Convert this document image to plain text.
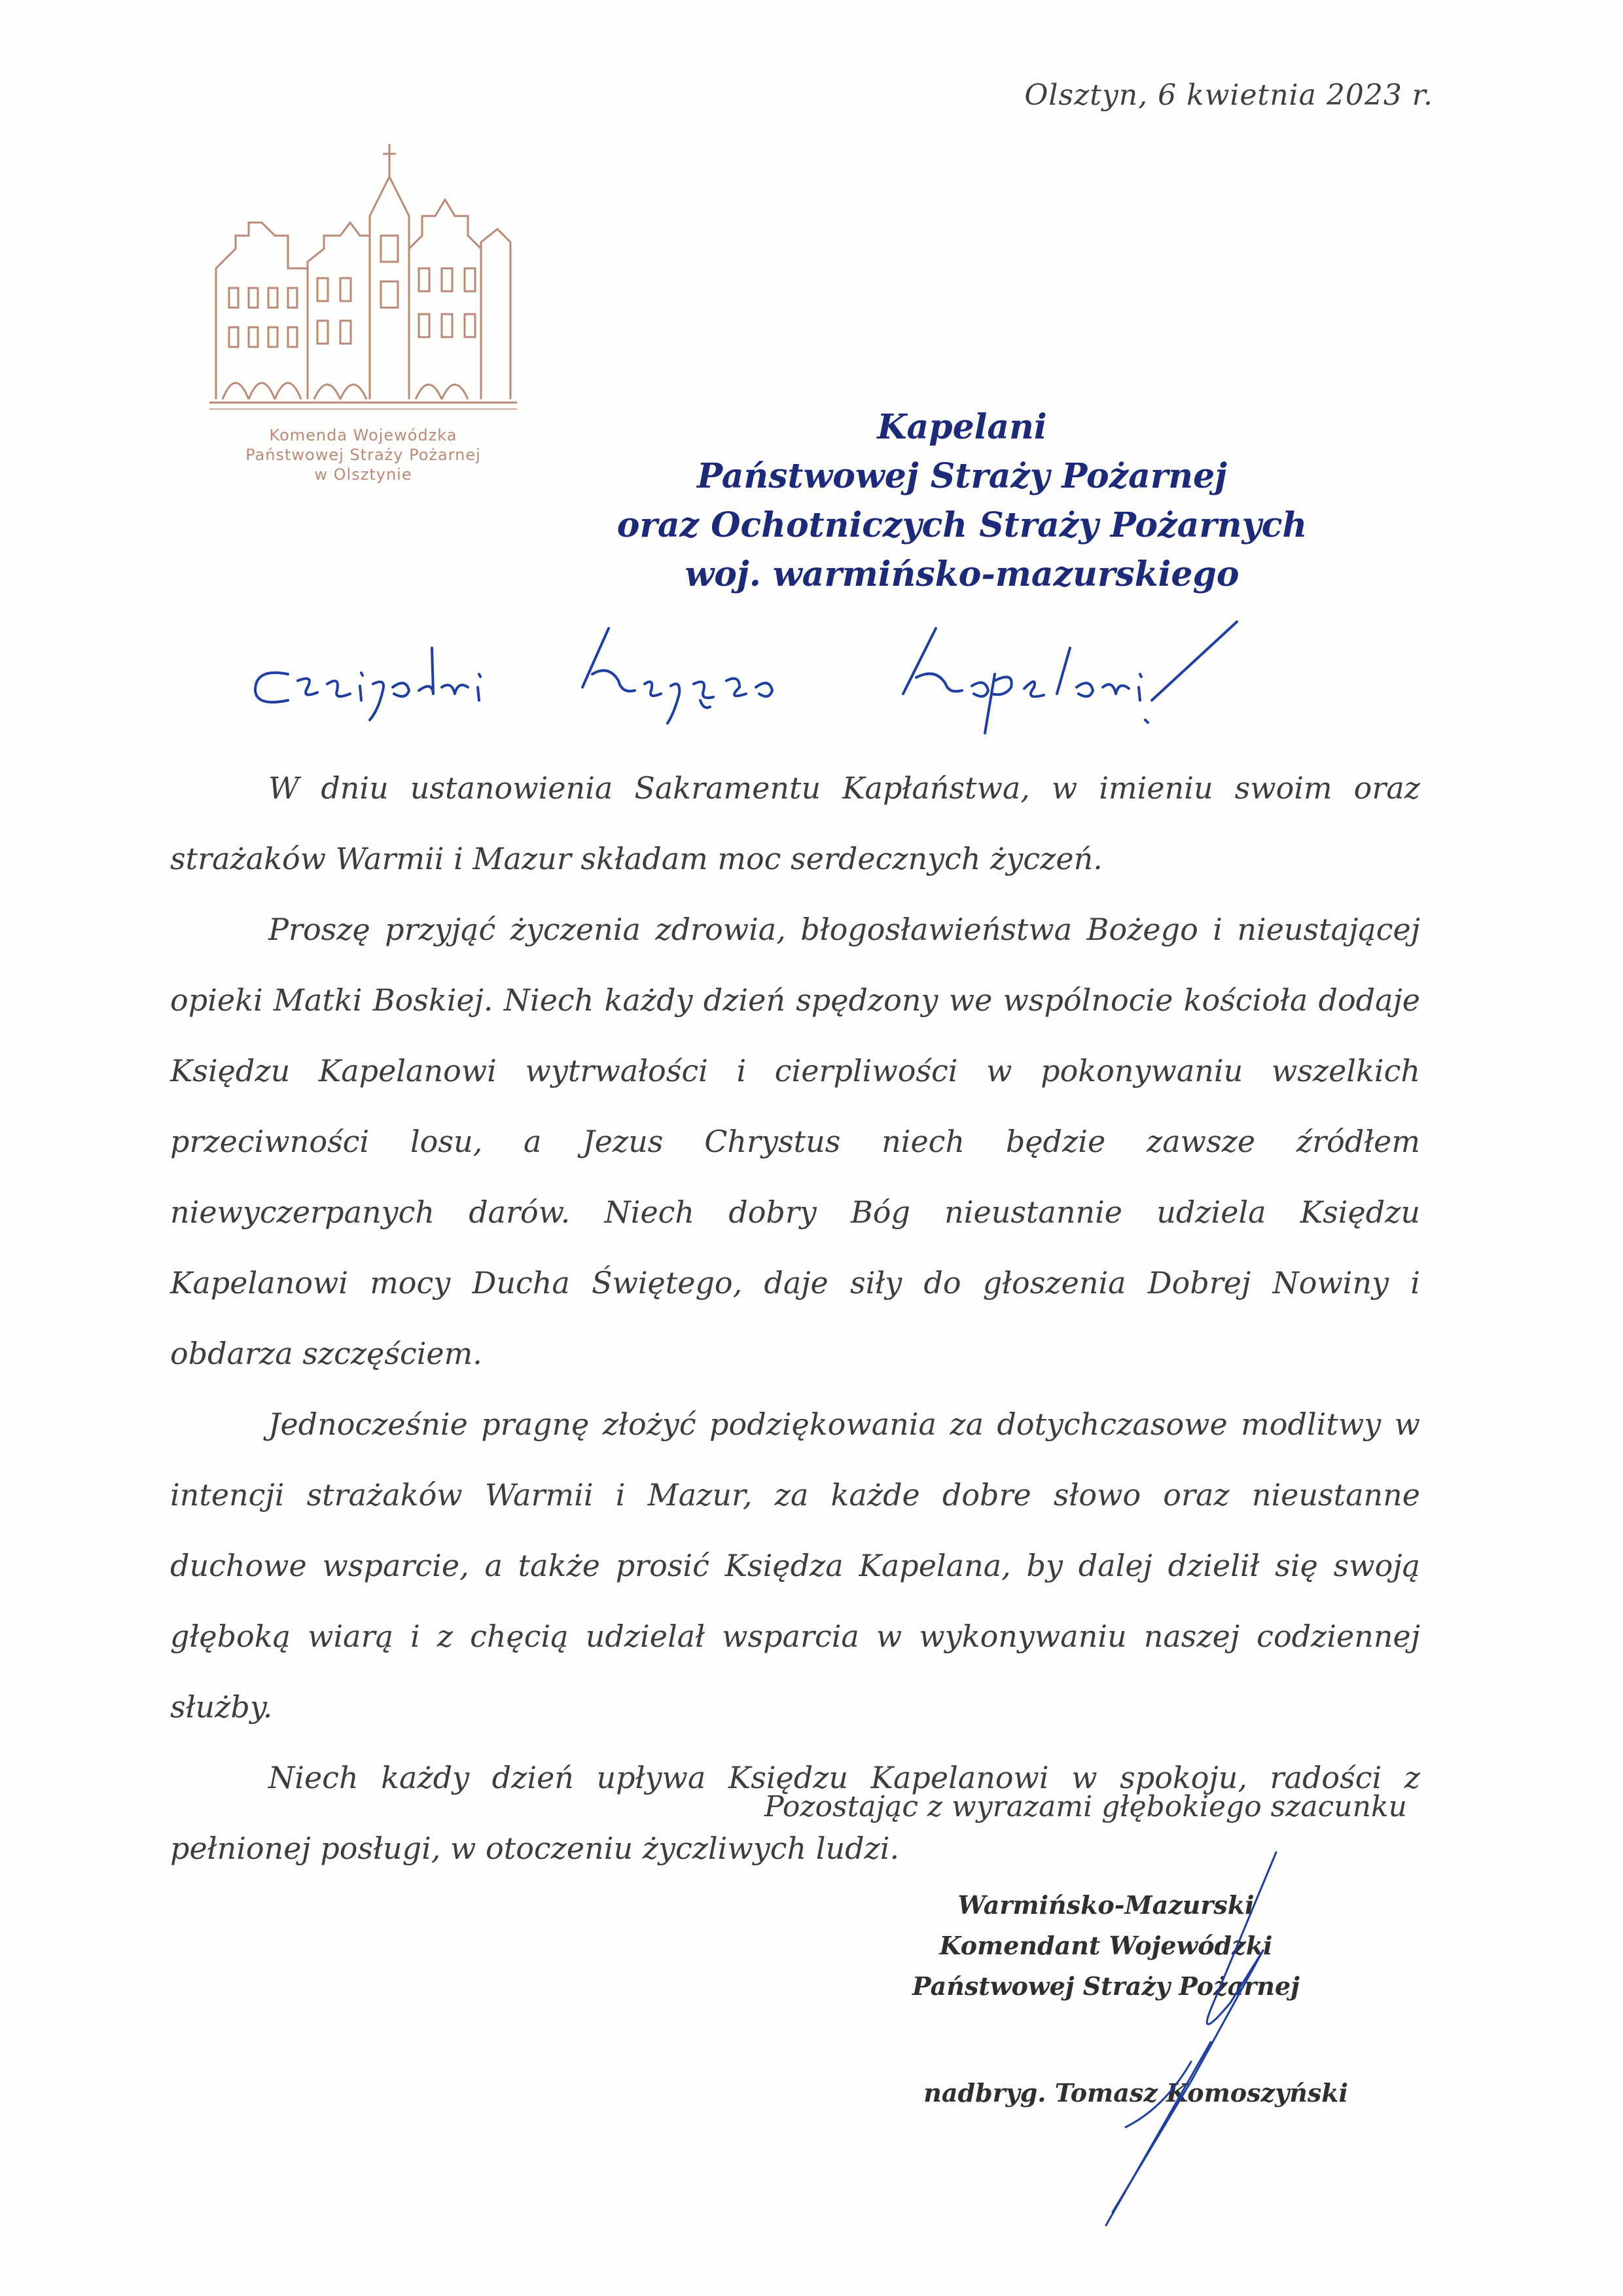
Olsztyn, 6 kwietnia 2023 r.
Komenda Wojewódzka
Państwowej Straży Pożarnej
w Olsztynie
Kapelani
Państwowej Straży Pożarnej
oraz Ochotniczych Straży Pożarnych
woj. warmińsko-mazurskiego

W dniu ustanowienia Sakramentu Kapłaństwa, w imieniu swoim oraz strażaków Warmii i Mazur składam moc serdecznych życzeń.

Proszę przyjąć życzenia zdrowia, błogosławieństwa Bożego i nieustającej opieki Matki Boskiej. Niech każdy dzień spędzony we wspólnocie kościoła dodaje Księdzu Kapelanowi wytrwałości i cierpliwości w pokonywaniu wszelkich przeciwności losu, a Jezus Chrystus niech będzie zawsze źródłem niewyczerpanych darów. Niech dobry Bóg nieustannie udziela Księdzu Kapelanowi mocy Ducha Świętego, daje siły do głoszenia Dobrej Nowiny i obdarza szczęściem.

Jednocześnie pragnę złożyć podziękowania za dotychczasowe modlitwy w intencji strażaków Warmii i Mazur, za każde dobre słowo oraz nieustanne duchowe wsparcie, a także prosić Księdza Kapelana, by dalej dzielił się swoją głęboką wiarą i z chęcią udzielał wsparcia w wykonywaniu naszej codziennej służby.

Niech każdy dzień upływa Księdzu Kapelanowi w spokoju, radości z pełnionej posługi, w otoczeniu życzliwych ludzi.

Pozostając z wyrazami głębokiego szacunku
Warmińsko-Mazurski
Komendant Wojewódzki
Państwowej Straży Pożarnej
nadbryg. Tomasz Komoszyński
